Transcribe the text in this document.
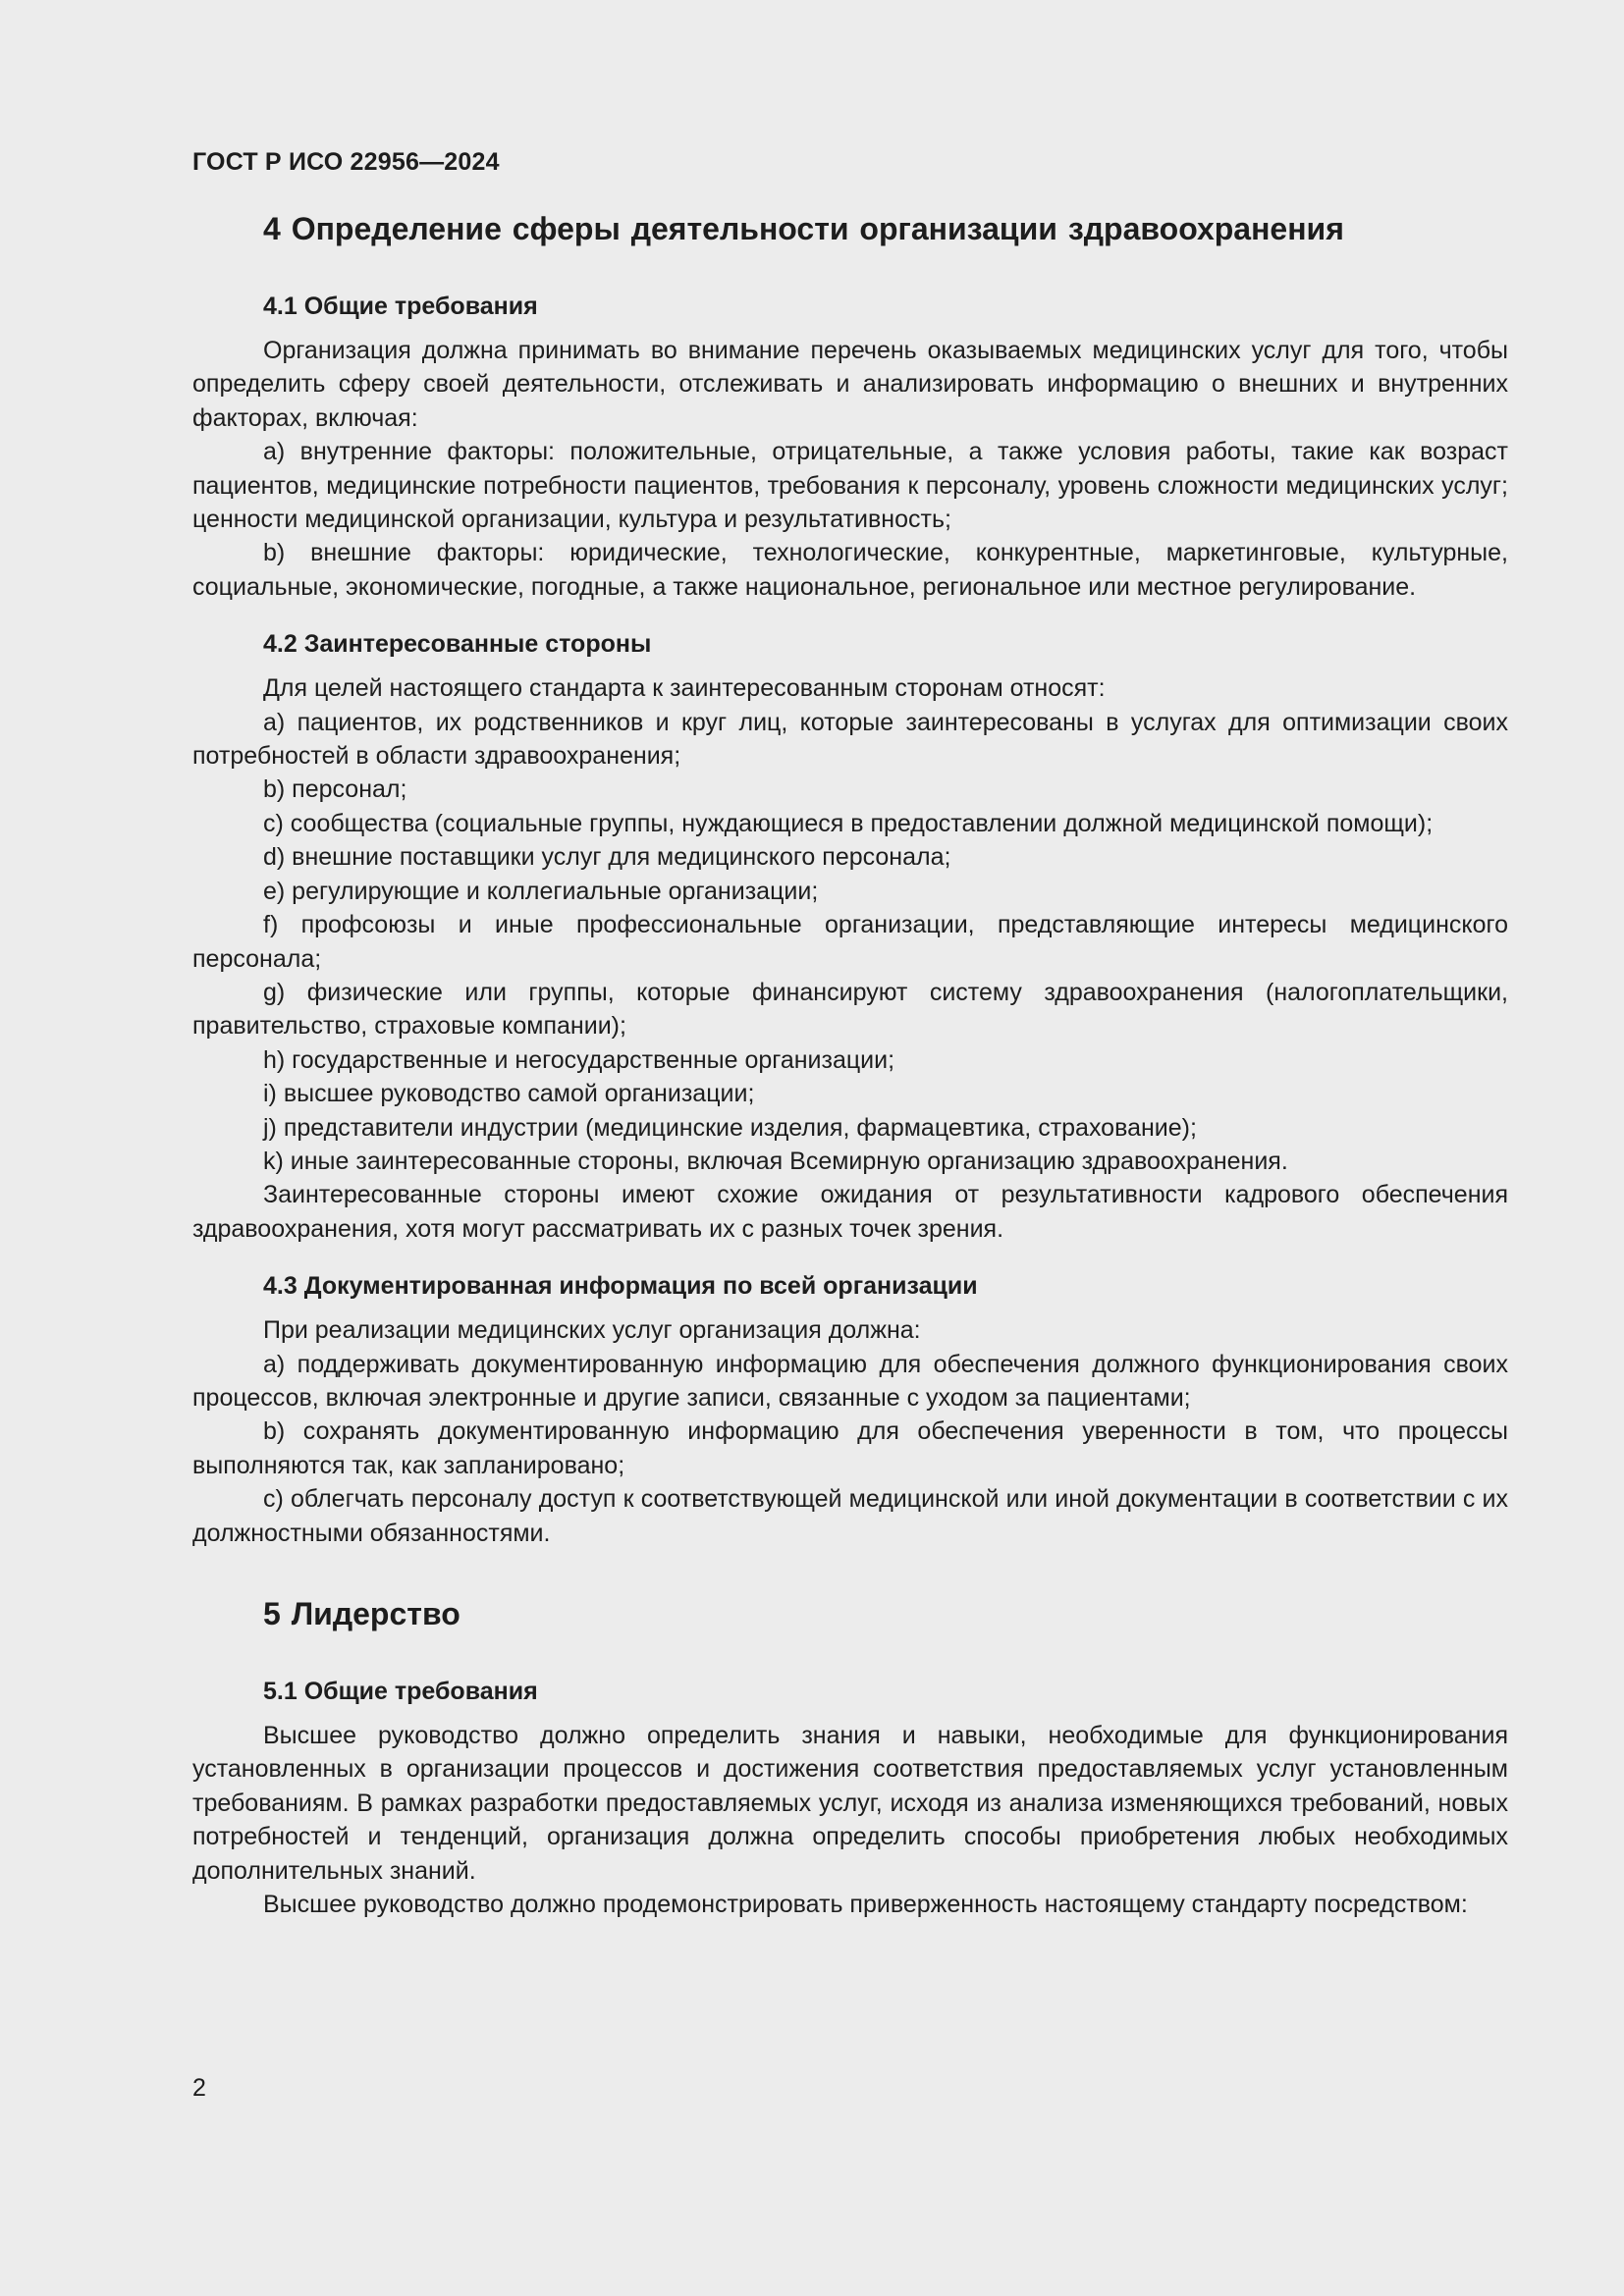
ГОСТ Р ИСО 22956—2024
4 Определение сферы деятельности организации здравоохранения
4.1 Общие требования

Организация должна принимать во внимание перечень оказываемых медицинских услуг для того, чтобы определить сферу своей деятельности, отслеживать и анализировать информацию о внешних и внутренних факторах, включая:

а) внутренние факторы: положительные, отрицательные, а также условия работы, такие как возраст пациентов, медицинские потребности пациентов, требования к персоналу, уровень сложности медицинских услуг; ценности медицинской организации, культура и результативность;

b) внешние факторы: юридические, технологические, конкурентные, маркетинговые, культурные, социальные, экономические, погодные, а также национальное, региональное или местное регулирование.

4.2 Заинтересованные стороны

Для целей настоящего стандарта к заинтересованным сторонам относят:

a) пациентов, их родственников и круг лиц, которые заинтересованы в услугах для оптимизации своих потребностей в области здравоохранения;

b) персонал;

c) сообщества (социальные группы, нуждающиеся в предоставлении должной медицинской помощи);

d) внешние поставщики услуг для медицинского персонала;

e) регулирующие и коллегиальные организации;

f) профсоюзы и иные профессиональные организации, представляющие интересы медицинского персонала;

g) физические или группы, которые финансируют систему здравоохранения (налогоплательщики, правительство, страховые компании);

h) государственные и негосударственные организации;

i) высшее руководство самой организации;

j) представители индустрии (медицинские изделия, фармацевтика, страхование);

k) иные заинтересованные стороны, включая Всемирную организацию здравоохранения.

Заинтересованные стороны имеют схожие ожидания от результативности кадрового обеспечения здравоохранения, хотя могут рассматривать их с разных точек зрения.

4.3 Документированная информация по всей организации

При реализации медицинских услуг организация должна:

a) поддерживать документированную информацию для обеспечения должного функционирования своих процессов, включая электронные и другие записи, связанные с уходом за пациентами;

b) сохранять документированную информацию для обеспечения уверенности в том, что процессы выполняются так, как запланировано;

c) облегчать персоналу доступ к соответствующей медицинской или иной документации в соответствии с их должностными обязанностями.

5 Лидерство
5.1 Общие требования

Высшее руководство должно определить знания и навыки, необходимые для функционирования установленных в организации процессов и достижения соответствия предоставляемых услуг установленным требованиям. В рамках разработки предоставляемых услуг, исходя из анализа изменяющихся требований, новых потребностей и тенденций, организация должна определить способы приобретения любых необходимых дополнительных знаний.

Высшее руководство должно продемонстрировать приверженность настоящему стандарту посредством:

2
